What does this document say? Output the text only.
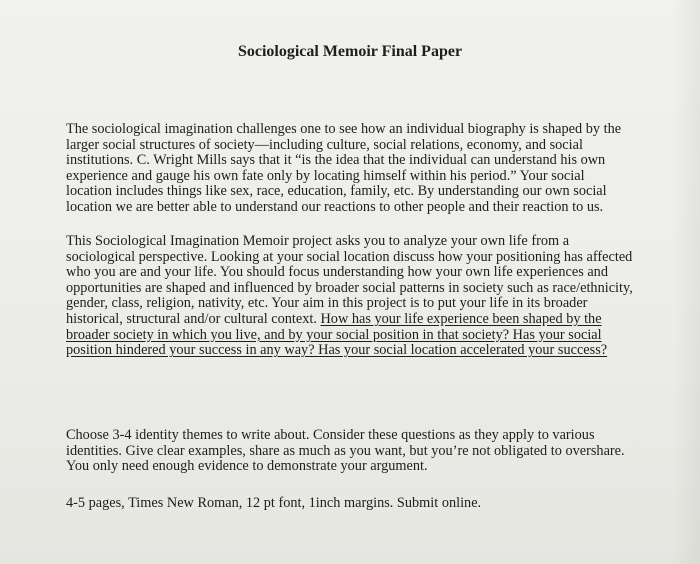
Sociological Memoir Final Paper
The sociological imagination challenges one to see how an individual biography is shaped by the
larger social structures of society—including culture, social relations, economy, and social
institutions. C. Wright Mills says that it “is the idea that the individual can understand his own
experience and gauge his own fate only by locating himself within his period.” Your social
location includes things like sex, race, education, family, etc. By understanding our own social
location we are better able to understand our reactions to other people and their reaction to us.
This Sociological Imagination Memoir project asks you to analyze your own life from a
sociological perspective. Looking at your social location discuss how your positioning has affected
who you are and your life. You should focus understanding how your own life experiences and
opportunities are shaped and influenced by broader social patterns in society such as race/ethnicity,
gender, class, religion, nativity, etc. Your aim in this project is to put your life in its broader
historical, structural and/or cultural context. How has your life experience been shaped by the
broader society in which you live, and by your social position in that society? Has your social
position hindered your success in any way? Has your social location accelerated your success?
Choose 3-4 identity themes to write about. Consider these questions as they apply to various
identities. Give clear examples, share as much as you want, but you’re not obligated to overshare.
You only need enough evidence to demonstrate your argument.
4-5 pages, Times New Roman, 12 pt font, 1inch margins. Submit online.
